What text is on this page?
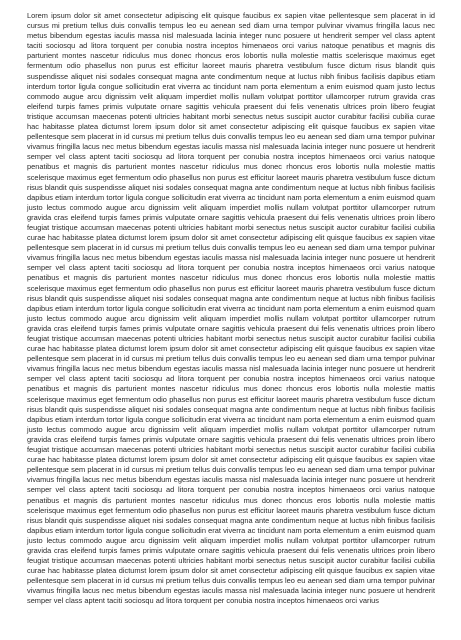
Lorem ipsum dolor sit amet consectetur adipiscing elit quisque faucibus ex sapien vitae pellentesque sem placerat in id cursus mi pretium tellus duis convallis tempus leo eu aenean sed diam urna tempor pulvinar vivamus fringilla lacus nec metus bibendum egestas iaculis massa nisl malesuada lacinia integer nunc posuere ut hendrerit semper vel class aptent taciti sociosqu ad litora torquent per conubia nostra inceptos himenaeos orci varius natoque penatibus et magnis dis parturient montes nascetur ridiculus mus donec rhoncus eros lobortis nulla molestie mattis scelerisque maximus eget fermentum odio phasellus non purus est efficitur laoreet mauris pharetra vestibulum fusce dictum risus blandit quis suspendisse aliquet nisi sodales consequat magna ante condimentum neque at luctus nibh finibus facilisis dapibus etiam interdum tortor ligula congue sollicitudin erat viverra ac tincidunt nam porta elementum a enim euismod quam justo lectus commodo augue arcu dignissim velit aliquam imperdiet mollis nullam volutpat porttitor ullamcorper rutrum gravida cras eleifend turpis fames primis vulputate ornare sagittis vehicula praesent dui felis venenatis ultrices proin libero feugiat tristique accumsan maecenas potenti ultricies habitant morbi senectus netus suscipit auctor curabitur facilisi cubilia curae hac habitasse platea dictumst lorem ipsum dolor sit amet consectetur adipiscing elit quisque faucibus ex sapien vitae pellentesque sem placerat in id cursus mi pretium tellus duis convallis tempus leo eu aenean sed diam urna tempor pulvinar vivamus fringilla lacus nec metus bibendum egestas iaculis massa nisl malesuada lacinia integer nunc posuere ut hendrerit semper vel class aptent taciti sociosqu ad litora torquent per conubia nostra inceptos himenaeos orci varius natoque penatibus et magnis dis parturient montes nascetur ridiculus mus donec rhoncus eros lobortis nulla molestie mattis scelerisque maximus eget fermentum odio phasellus non purus est efficitur laoreet mauris pharetra vestibulum fusce dictum risus blandit quis suspendisse aliquet nisi sodales consequat magna ante condimentum neque at luctus nibh finibus facilisis dapibus etiam interdum tortor ligula congue sollicitudin erat viverra ac tincidunt nam porta elementum a enim euismod quam justo lectus commodo augue arcu dignissim velit aliquam imperdiet mollis nullam volutpat porttitor ullamcorper rutrum gravida cras eleifend turpis fames primis vulputate ornare sagittis vehicula praesent dui felis venenatis ultrices proin libero feugiat tristique accumsan maecenas potenti ultricies habitant morbi senectus netus suscipit auctor curabitur facilisi cubilia curae hac habitasse platea dictumst lorem ipsum dolor sit amet consectetur adipiscing elit quisque faucibus ex sapien vitae pellentesque sem placerat in id cursus mi pretium tellus duis convallis tempus leo eu aenean sed diam urna tempor pulvinar vivamus fringilla lacus nec metus bibendum egestas iaculis massa nisl malesuada lacinia integer nunc posuere ut hendrerit semper vel class aptent taciti sociosqu ad litora torquent per conubia nostra inceptos himenaeos orci varius natoque penatibus et magnis dis parturient montes nascetur ridiculus mus donec rhoncus eros lobortis nulla molestie mattis scelerisque maximus eget fermentum odio phasellus non purus est efficitur laoreet mauris pharetra vestibulum fusce dictum risus blandit quis suspendisse aliquet nisi sodales consequat magna ante condimentum neque at luctus nibh finibus facilisis dapibus etiam interdum tortor ligula congue sollicitudin erat viverra ac tincidunt nam porta elementum a enim euismod quam justo lectus commodo augue arcu dignissim velit aliquam imperdiet mollis nullam volutpat porttitor ullamcorper rutrum gravida cras eleifend turpis fames primis vulputate ornare sagittis vehicula praesent dui felis venenatis ultrices proin libero feugiat tristique accumsan maecenas potenti ultricies habitant morbi senectus netus suscipit auctor curabitur facilisi cubilia curae hac habitasse platea dictumst lorem ipsum dolor sit amet consectetur adipiscing elit quisque faucibus ex sapien vitae pellentesque sem placerat in id cursus mi pretium tellus duis convallis tempus leo eu aenean sed diam urna tempor pulvinar vivamus fringilla lacus nec metus bibendum egestas iaculis massa nisl malesuada lacinia integer nunc posuere ut hendrerit semper vel class aptent taciti sociosqu ad litora torquent per conubia nostra inceptos himenaeos orci varius natoque penatibus et magnis dis parturient montes nascetur ridiculus mus donec rhoncus eros lobortis nulla molestie mattis scelerisque maximus eget fermentum odio phasellus non purus est efficitur laoreet mauris pharetra vestibulum fusce dictum risus blandit quis suspendisse aliquet nisi sodales consequat magna ante condimentum neque at luctus nibh finibus facilisis dapibus etiam interdum tortor ligula congue sollicitudin erat viverra ac tincidunt nam porta elementum a enim euismod quam justo lectus commodo augue arcu dignissim velit aliquam imperdiet mollis nullam volutpat porttitor ullamcorper rutrum gravida cras eleifend turpis fames primis vulputate ornare sagittis vehicula praesent dui felis venenatis ultrices proin libero feugiat tristique accumsan maecenas potenti ultricies habitant morbi senectus netus suscipit auctor curabitur facilisi cubilia curae hac habitasse platea dictumst lorem ipsum dolor sit amet consectetur adipiscing elit quisque faucibus ex sapien vitae pellentesque sem placerat in id cursus mi pretium tellus duis convallis tempus leo eu aenean sed diam urna tempor pulvinar vivamus fringilla lacus nec metus bibendum egestas iaculis massa nisl malesuada lacinia integer nunc posuere ut hendrerit semper vel class aptent taciti sociosqu ad litora torquent per conubia nostra inceptos himenaeos orci varius natoque penatibus et magnis dis parturient montes nascetur ridiculus mus donec rhoncus eros lobortis nulla molestie mattis scelerisque maximus eget fermentum odio phasellus non purus est efficitur laoreet mauris pharetra vestibulum fusce dictum risus blandit quis suspendisse aliquet nisi sodales consequat magna ante condimentum neque at luctus nibh finibus facilisis dapibus etiam interdum tortor ligula congue sollicitudin erat viverra ac tincidunt nam porta elementum a enim euismod quam justo lectus commodo augue arcu dignissim velit aliquam imperdiet mollis nullam volutpat porttitor ullamcorper rutrum gravida cras eleifend turpis fames primis vulputate ornare sagittis vehicula praesent dui felis venenatis ultrices proin libero feugiat tristique accumsan maecenas potenti ultricies habitant morbi senectus netus suscipit auctor curabitur facilisi cubilia curae hac habitasse platea dictumst lorem ipsum dolor sit amet consectetur adipiscing elit quisque faucibus ex sapien vitae pellentesque sem placerat in id cursus mi pretium tellus duis convallis tempus leo eu aenean sed diam urna tempor pulvinar vivamus fringilla lacus nec metus bibendum egestas iaculis massa nisl malesuada lacinia integer nunc posuere ut hendrerit semper vel class aptent taciti sociosqu ad litora torquent per conubia nostra inceptos himenaeos orci varius
